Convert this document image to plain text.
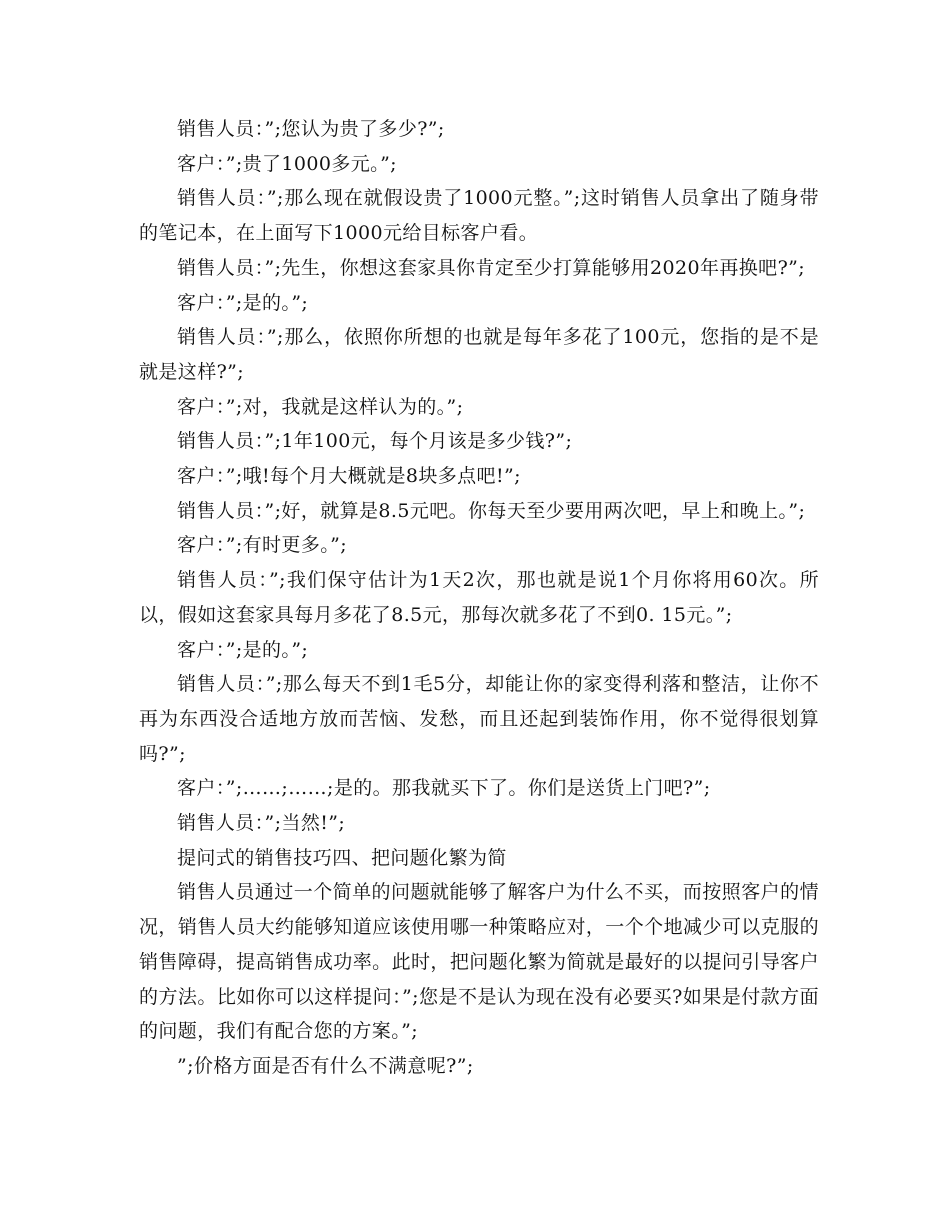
销售人员：”;您认为贵了多少?”;

客户：”;贵了1000多元。”;

销售人员：”;那么现在就假设贵了1000元整。”;这时销售人员拿出了随身带的笔记本，在上面写下1000元给目标客户看。

销售人员：”;先生，你想这套家具你肯定至少打算能够用2020年再换吧?”;

客户：”;是的。”;

销售人员：”;那么，依照你所想的也就是每年多花了100元，您指的是不是就是这样?”;

客户：”;对，我就是这样认为的。”;

销售人员：”;1年100元，每个月该是多少钱?”;

客户：”;哦!每个月大概就是8块多点吧!”;

销售人员：”;好，就算是8.5元吧。你每天至少要用两次吧，早上和晚上。”;

客户：”;有时更多。”;

销售人员：”;我们保守估计为1天2次，那也就是说1个月你将用60次。所以，假如这套家具每月多花了8.5元，那每次就多花了不到0. 15元。”;

客户：”;是的。”;

销售人员：”;那么每天不到1毛5分，却能让你的家变得利落和整洁，让你不再为东西没合适地方放而苦恼、发愁，而且还起到装饰作用，你不觉得很划算吗?”;

客户：”;……;……;是的。那我就买下了。你们是送货上门吧?”;

销售人员：”;当然!”;

提问式的销售技巧四、把问题化繁为简

销售人员通过一个简单的问题就能够了解客户为什么不买，而按照客户的情况，销售人员大约能够知道应该使用哪一种策略应对，一个个地减少可以克服的销售障碍，提高销售成功率。此时，把问题化繁为简就是最好的以提问引导客户的方法。比如你可以这样提问：”;您是不是认为现在没有必要买?如果是付款方面的问题，我们有配合您的方案。”;

”;价格方面是否有什么不满意呢?”;
